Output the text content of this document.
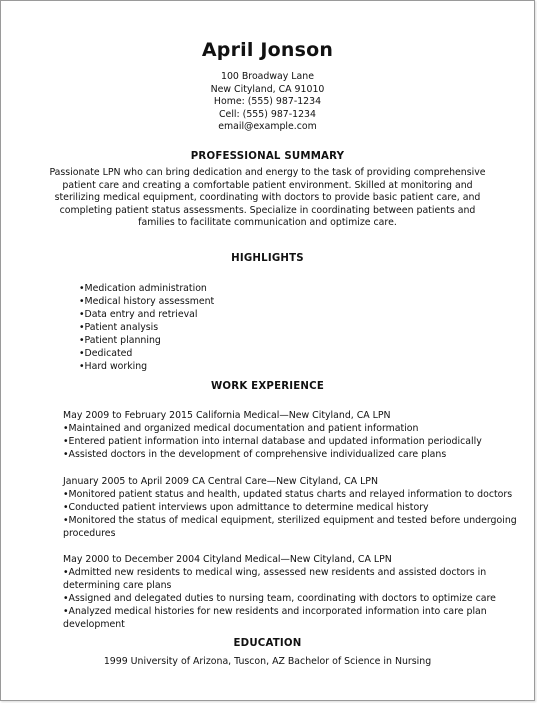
April Jonson
100 Broadway Lane
New Cityland, CA 91010
Home: (555) 987-1234
Cell: (555) 987-1234
email@example.com
PROFESSIONAL SUMMARY
Passionate LPN who can bring dedication and energy to the task of providing comprehensive patient care and creating a comfortable patient environment. Skilled at monitoring and sterilizing medical equipment, coordinating with doctors to provide basic patient care, and completing patient status assessments. Specialize in coordinating between patients and families to facilitate communication and optimize care.
HIGHLIGHTS
• Medication administration
• Medical history assessment
• Data entry and retrieval
• Patient analysis
• Patient planning
• Dedicated
• Hard working
WORK EXPERIENCE
May 2009 to February 2015 California Medical—New Cityland, CA LPN
• Maintained and organized medical documentation and patient information
• Entered patient information into internal database and updated information periodically
• Assisted doctors in the development of comprehensive individualized care plans
January 2005 to April 2009 CA Central Care—New Cityland, CA LPN
• Monitored patient status and health, updated status charts and relayed information to doctors
• Conducted patient interviews upon admittance to determine medical history
• Monitored the status of medical equipment, sterilized equipment and tested before undergoing procedures
May 2000 to December 2004 Cityland Medical—New Cityland, CA LPN
• Admitted new residents to medical wing, assessed new residents and assisted doctors in determining care plans
• Assigned and delegated duties to nursing team, coordinating with doctors to optimize care
• Analyzed medical histories for new residents and incorporated information into care plan development
EDUCATION
1999 University of Arizona, Tuscon, AZ Bachelor of Science in Nursing
